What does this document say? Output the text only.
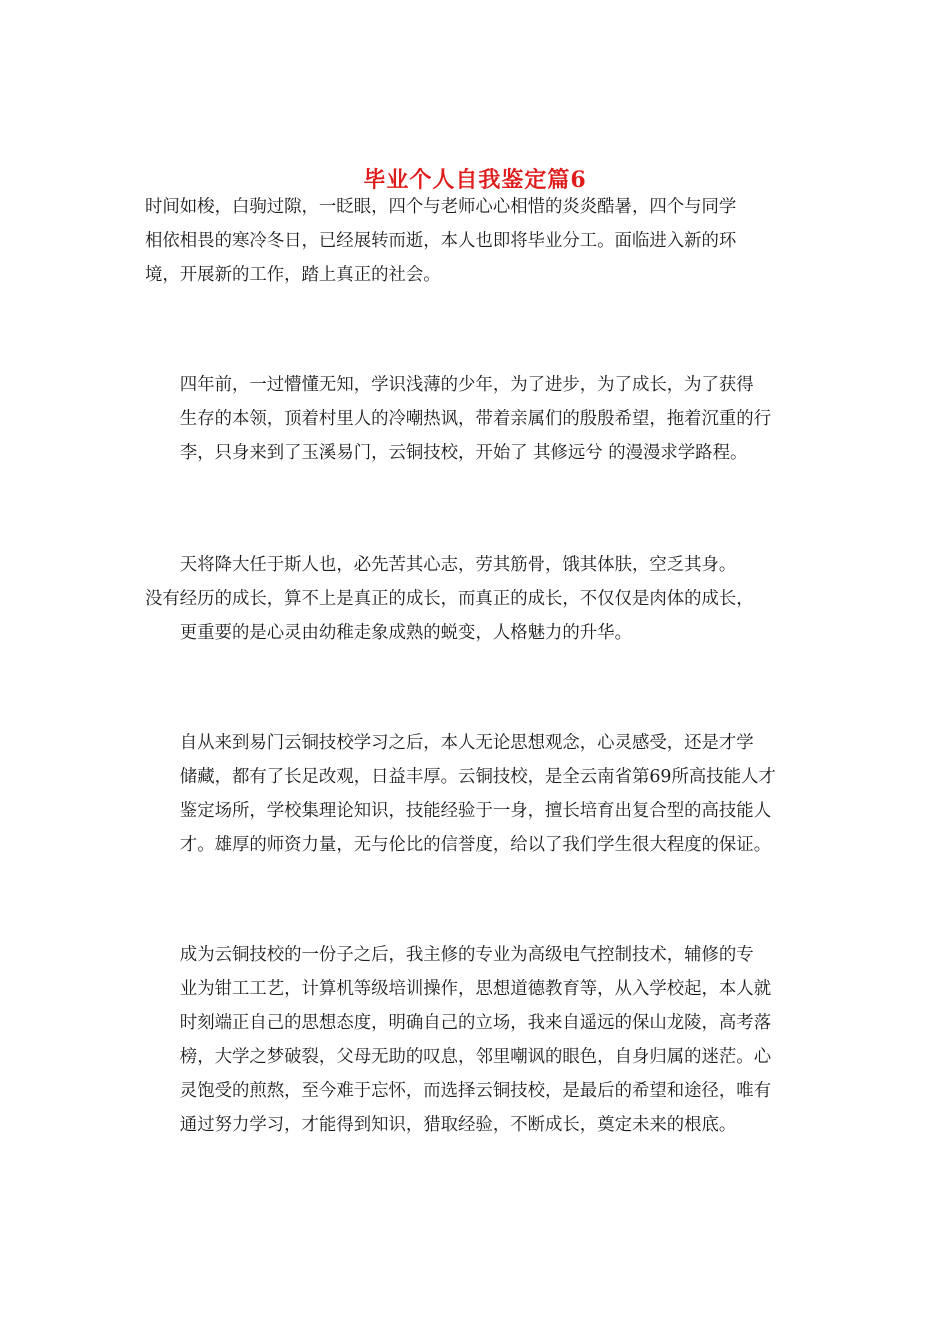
毕业个人自我鉴定篇6

时间如梭，白驹过隙，一眨眼，四个与老师心心相惜的炎炎酷暑，四个与同学
相依相畏的寒冷冬日，已经展转而逝，本人也即将毕业分工。面临进入新的环
境，开展新的工作，踏上真正的社会。

四年前，一过懵懂无知，学识浅薄的少年，为了进步，为了成长，为了获得
生存的本领，顶着村里人的冷嘲热讽，带着亲属们的殷殷希望，拖着沉重的行
李，只身来到了玉溪易门，云铜技校，开始了 其修远兮 的漫漫求学路程。

天将降大任于斯人也，必先苦其心志，劳其筋骨，饿其体肤，空乏其身。
没有经历的成长，算不上是真正的成长，而真正的成长，不仅仅是肉体的成长，
更重要的是心灵由幼稚走象成熟的蜕变，人格魅力的升华。

自从来到易门云铜技校学习之后，本人无论思想观念，心灵感受，还是才学
储藏，都有了长足改观，日益丰厚。云铜技校，是全云南省第69所高技能人才
鉴定场所，学校集理论知识，技能经验于一身，擅长培育出复合型的高技能人
才。雄厚的师资力量，无与伦比的信誉度，给以了我们学生很大程度的保证。

成为云铜技校的一份子之后，我主修的专业为高级电气控制技术，辅修的专
业为钳工工艺，计算机等级培训操作，思想道德教育等，从入学校起，本人就
时刻端正自己的思想态度，明确自己的立场，我来自遥远的保山龙陵，高考落
榜，大学之梦破裂，父母无助的叹息，邻里嘲讽的眼色，自身归属的迷茫。心
灵饱受的煎熬，至今难于忘怀，而选择云铜技校，是最后的希望和途径，唯有
通过努力学习，才能得到知识，猎取经验，不断成长，奠定未来的根底。
